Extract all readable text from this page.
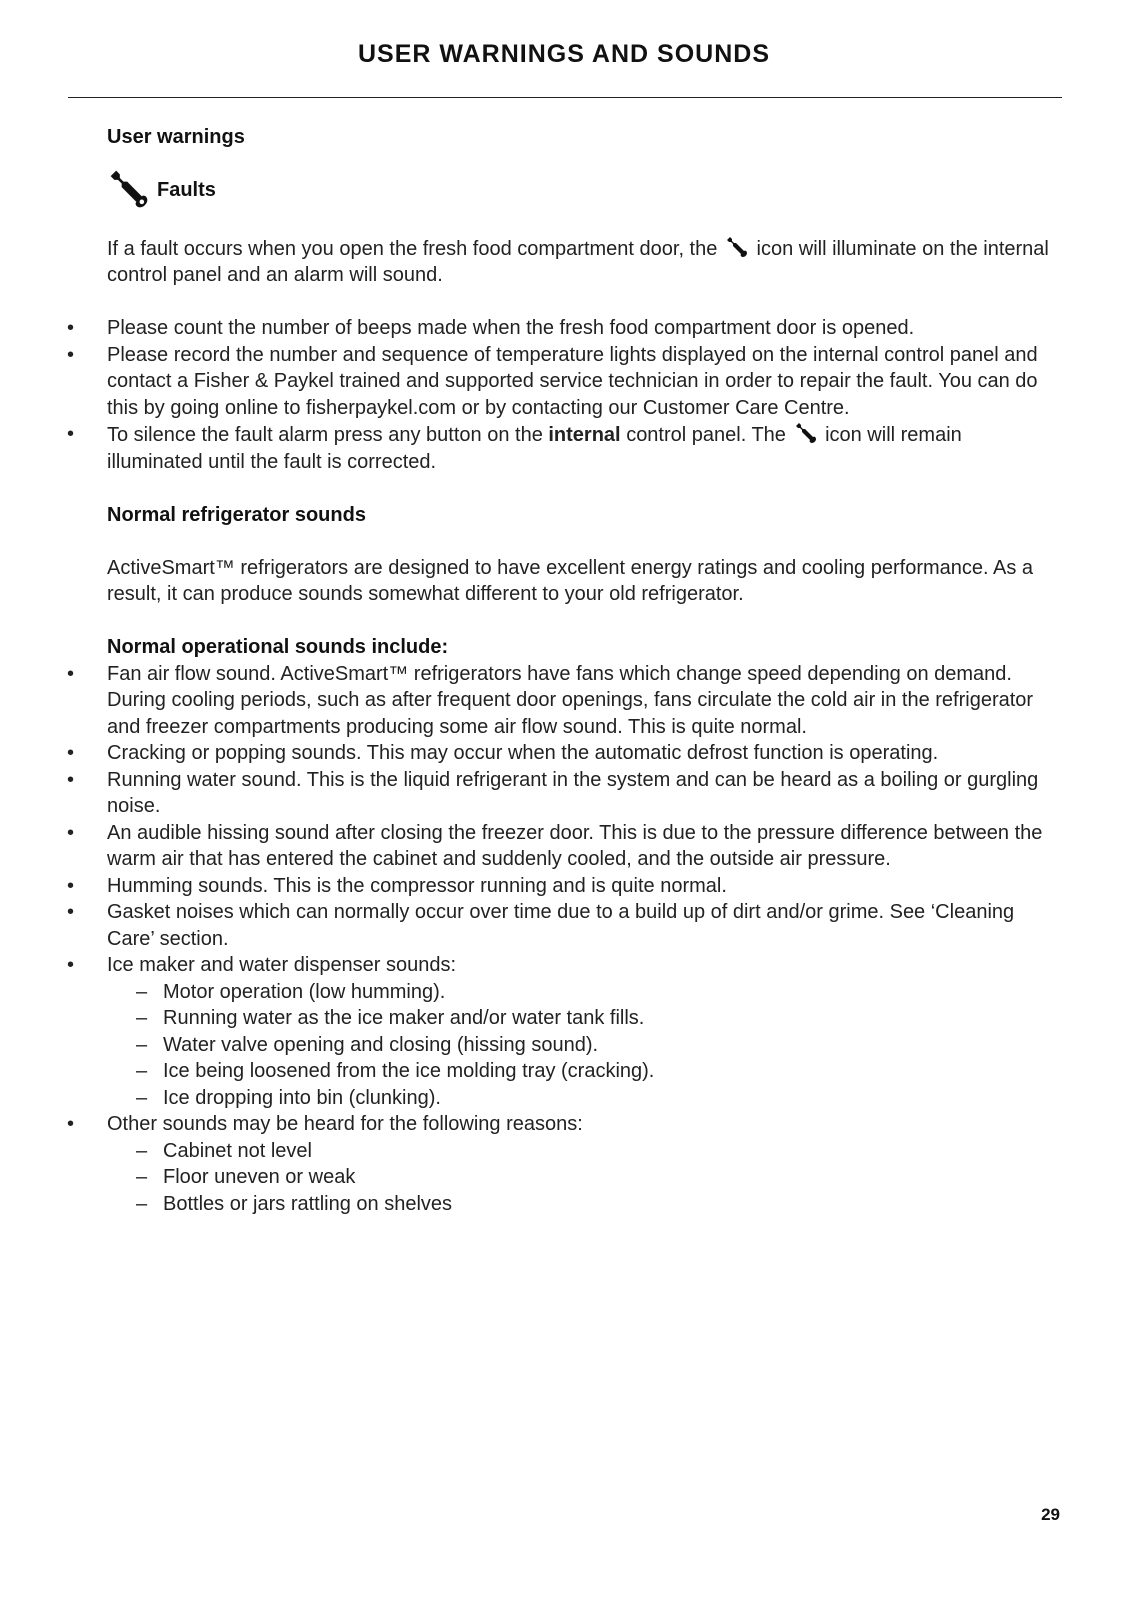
USER WARNINGS AND SOUNDS

User warnings

Faults

If a fault occurs when you open the fresh food compartment door, the icon will illuminate on the internal control panel and an alarm will sound.

• Please count the number of beeps made when the fresh food compartment door is opened.
• Please record the number and sequence of temperature lights displayed on the internal control panel and contact a Fisher & Paykel trained and supported service technician in order to repair the fault. You can do this by going online to fisherpaykel.com or by contacting our Customer Care Centre.
• To silence the fault alarm press any button on the internal control panel. The icon will remain illuminated until the fault is corrected.

Normal refrigerator sounds

ActiveSmart™ refrigerators are designed to have excellent energy ratings and cooling performance. As a result, it can produce sounds somewhat different to your old refrigerator.

Normal operational sounds include:

• Fan air flow sound. ActiveSmart™ refrigerators have fans which change speed depending on demand. During cooling periods, such as after frequent door openings, fans circulate the cold air in the refrigerator and freezer compartments producing some air flow sound. This is quite normal.
• Cracking or popping sounds. This may occur when the automatic defrost function is operating.
• Running water sound. This is the liquid refrigerant in the system and can be heard as a boiling or gurgling noise.
• An audible hissing sound after closing the freezer door. This is due to the pressure difference between the warm air that has entered the cabinet and suddenly cooled, and the outside air pressure.
• Humming sounds. This is the compressor running and is quite normal.
• Gasket noises which can normally occur over time due to a build up of dirt and/or grime. See ‘Cleaning Care’ section.
• Ice maker and water dispenser sounds:
– Motor operation (low humming).
– Running water as the ice maker and/or water tank fills.
– Water valve opening and closing (hissing sound).
– Ice being loosened from the ice molding tray (cracking).
– Ice dropping into bin (clunking).
• Other sounds may be heard for the following reasons:
– Cabinet not level
– Floor uneven or weak
– Bottles or jars rattling on shelves
29
